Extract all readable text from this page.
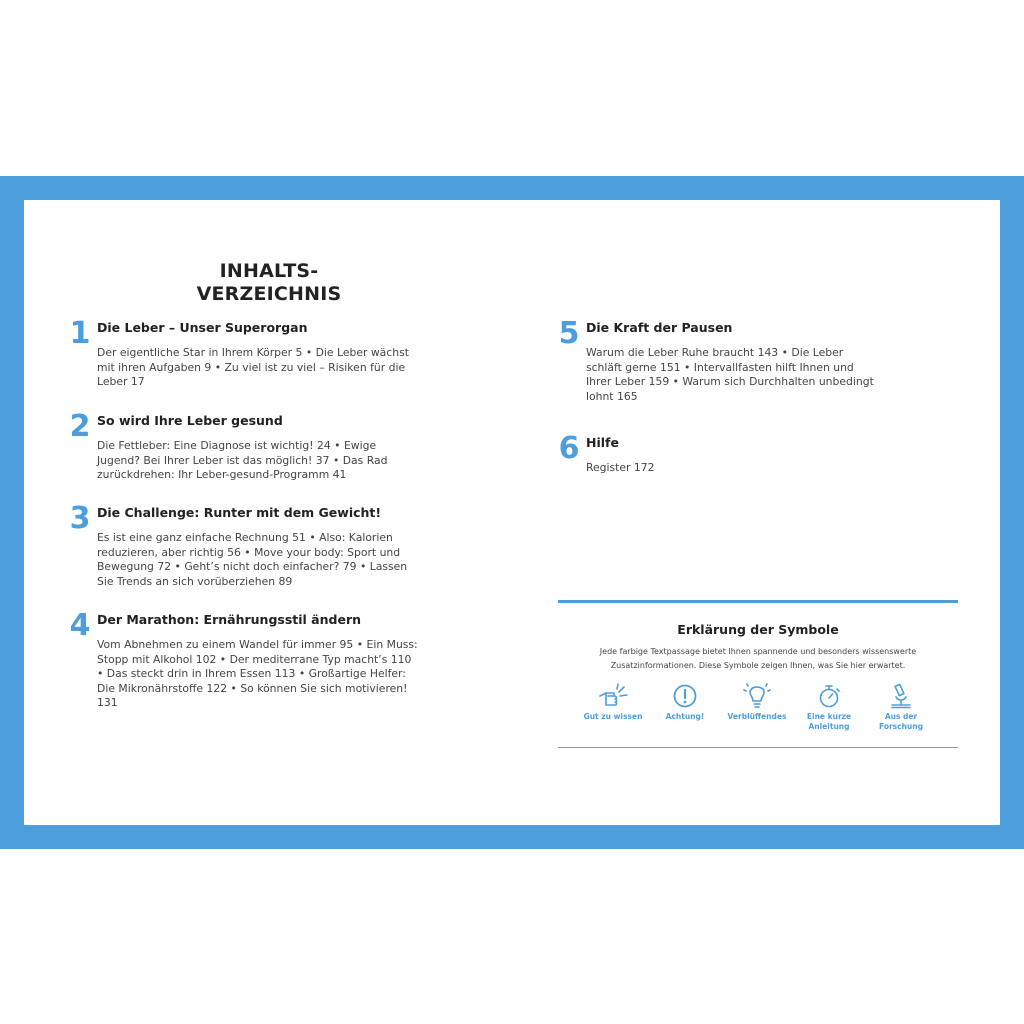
INHALTS-
VERZEICHNIS
1 Die Leber – Unser Superorgan
Der eigentliche Star in Ihrem Körper 5 • Die Leber wächst mit ihren Aufgaben 9 • Zu viel ist zu viel – Risiken für die Leber 17
2 So wird Ihre Leber gesund
Die Fettleber: Eine Diagnose ist wichtig! 24 • Ewige Jugend? Bei Ihrer Leber ist das möglich! 37 • Das Rad zurückdrehen: Ihr Leber-gesund-Programm 41
3 Die Challenge: Runter mit dem Gewicht!
Es ist eine ganz einfache Rechnung 51 • Also: Kalorien reduzieren, aber richtig 56 • Move your body: Sport und Bewegung 72 • Geht’s nicht doch einfacher? 79 • Lassen Sie Trends an sich vorüberziehen 89
4 Der Marathon: Ernährungsstil ändern
Vom Abnehmen zu einem Wandel für immer 95 • Ein Muss: Stopp mit Alkohol 102 • Der mediterrane Typ macht’s 110 • Das steckt drin in Ihrem Essen 113 • Großartige Helfer: Die Mikronährstoffe 122 • So können Sie sich motivieren! 131
5 Die Kraft der Pausen
Warum die Leber Ruhe braucht 143 • Die Leber schläft gerne 151 • Intervallfasten hilft Ihnen und Ihrer Leber 159 • Warum sich Durchhalten unbedingt lohnt 165
6 Hilfe
Register 172
Erklärung der Symbole
Jede farbige Textpassage bietet Ihnen spannende und besonders wissenswerte Zusatzinformationen. Diese Symbole zeigen Ihnen, was Sie hier erwartet.
Gut zu wissen	Achtung!	Verblüffendes	Eine kurze Anleitung
Aus der Forschung
